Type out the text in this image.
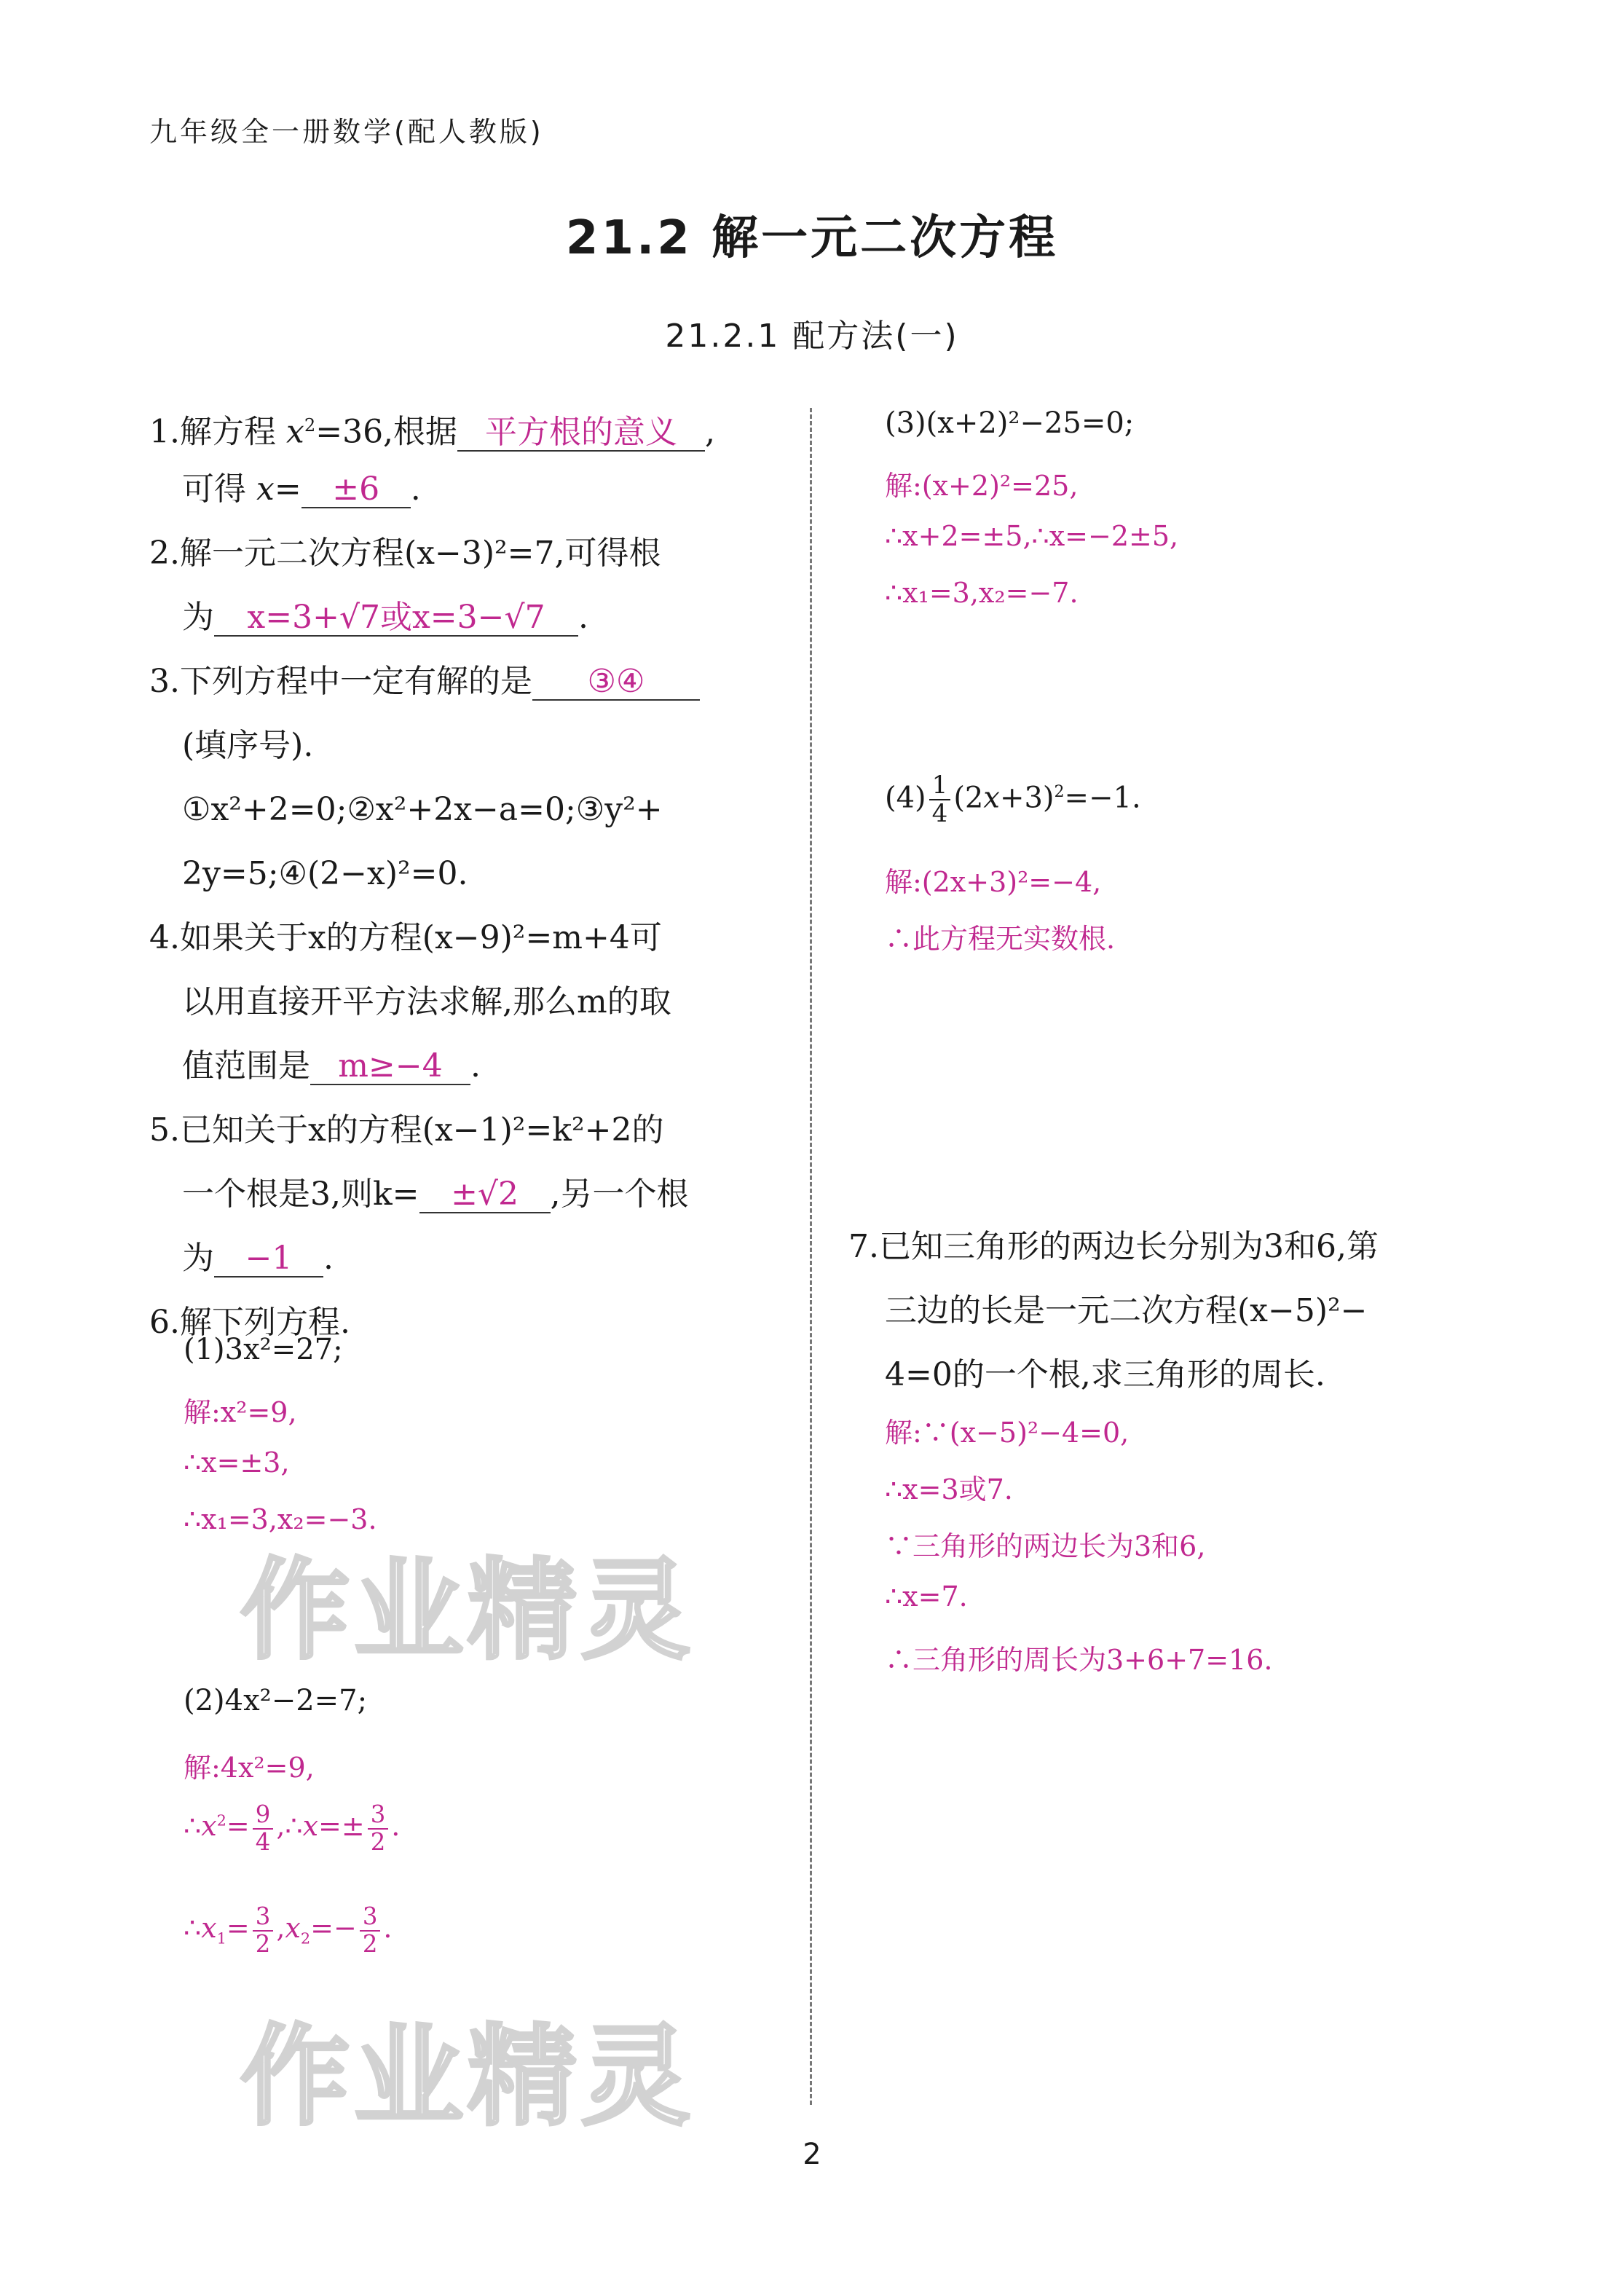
九年级全一册数学(配人教版)
21.2 解一元二次方程
21.2.1 配方法(一)
1.解方程 $x^2=36$,根据 平方根的意义 ,
可得 x= ±6 .
2.解一元二次方程(x−3)²=7,可得根
为 x=3+√7或x=3−√7 .
3.下列方程中一定有解的是 ③④
(填序号).
①x²+2=0;②x²+2x−a=0;③y²+
2y=5;④(2−x)²=0.
4.如果关于x的方程(x−9)²=m+4可
以用直接开平方法求解,那么m的取
值范围是 m≥−4 .
5.已知关于x的方程(x−1)²=k²+2的
一个根是3,则k= ±√2 ,另一个根
为 −1 .
6.解下列方程.
(1)3x²=27;
解:x²=9,
∴x=±3,
∴x₁=3,x₂=−3.
作业精灵
(2)4x²−2=7;
解:4x²=9,
$\therefore x^2= \frac{9}{4}$ ,∴x=± $\frac{3}{2}$ .
$\therefore x_1= \frac{3}{2} ,x_2=- \frac{3}{2}$ .
作业精灵
(3)(x+2)²−25=0;
解:(x+2)²=25,
∴x+2=±5,∴x=−2±5,
∴x₁=3,x₂=−7.
$(4) \frac{1}{4} (2x+3)^2=-1$.
解:(2x+3)²=−4,
∴此方程无实数根.
7.已知三角形的两边长分别为3和6,第
三边的长是一元二次方程(x−5)²−
4=0的一个根,求三角形的周长.
解:∵(x−5)²−4=0,
∴x=3或7.
∵三角形的两边长为3和6,
∴x=7.
∴三角形的周长为3+6+7=16.
2
